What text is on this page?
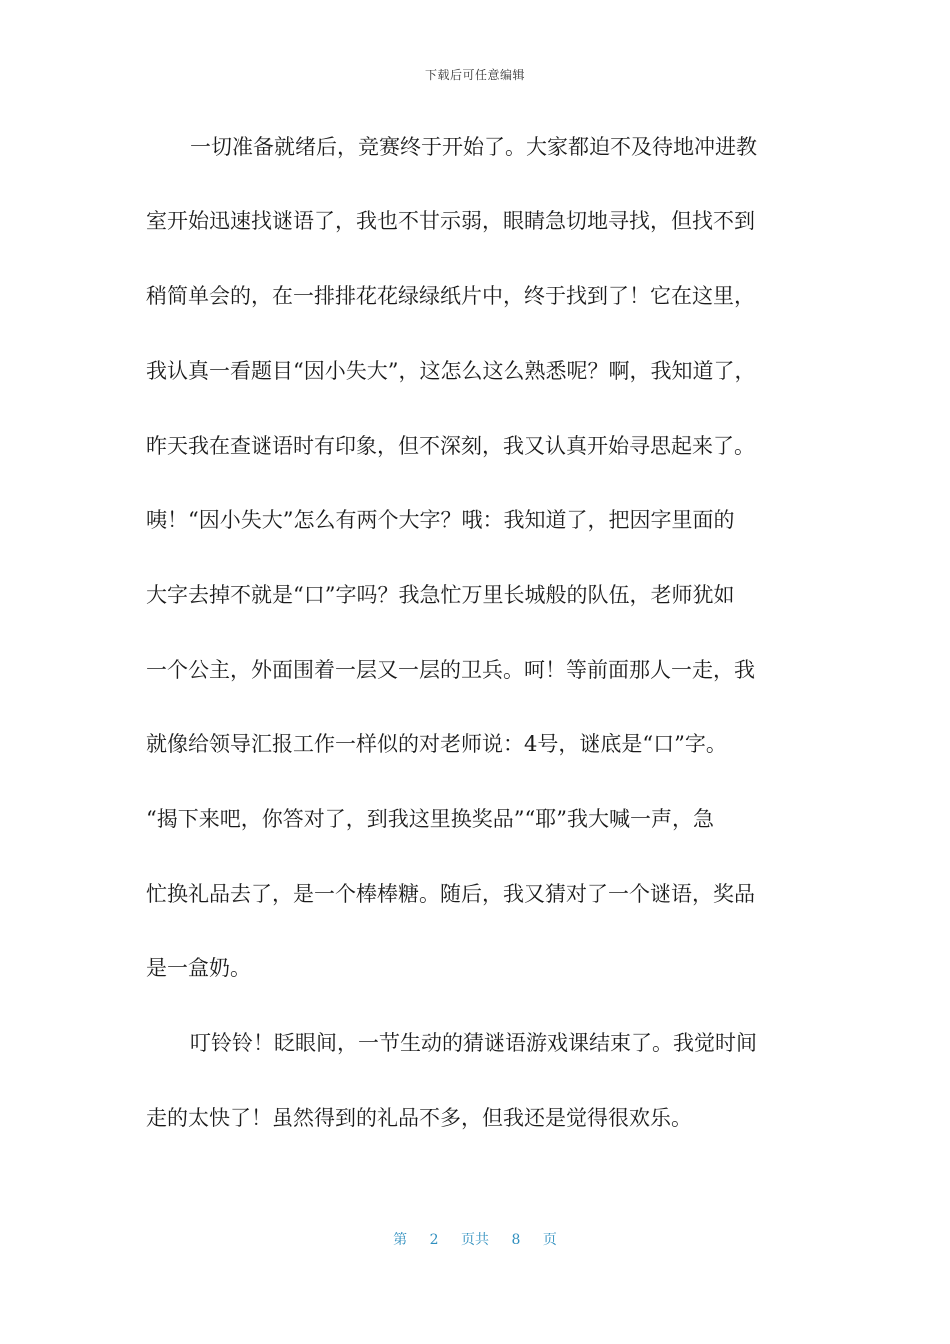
下载后可任意编辑
一切准备就绪后，竞赛终于开始了。大家都迫不及待地冲进教
室开始迅速找谜语了，我也不甘示弱，眼睛急切地寻找，但找不到
稍简单会的，在一排排花花绿绿纸片中，终于找到了！它在这里，
我认真一看题目“因小失大”，这怎么这么熟悉呢？啊，我知道了，
昨天我在查谜语时有印象，但不深刻，我又认真开始寻思起来了。
咦！“因小失大”怎么有两个大字？哦：我知道了，把因字里面的
大字去掉不就是“口”字吗？我急忙万里长城般的队伍，老师犹如
一个公主，外面围着一层又一层的卫兵。呵！等前面那人一走，我
就像给领导汇报工作一样似的对老师说：4号，谜底是“口”字。
“揭下来吧，你答对了，到我这里换奖品”“耶”我大喊一声，急
忙换礼品去了，是一个棒棒糖。随后，我又猜对了一个谜语，奖品
是一盒奶。
叮铃铃！眨眼间，一节生动的猜谜语游戏课结束了。我觉时间
走的太快了！虽然得到的礼品不多，但我还是觉得很欢乐。
第 2 页共 8 页
